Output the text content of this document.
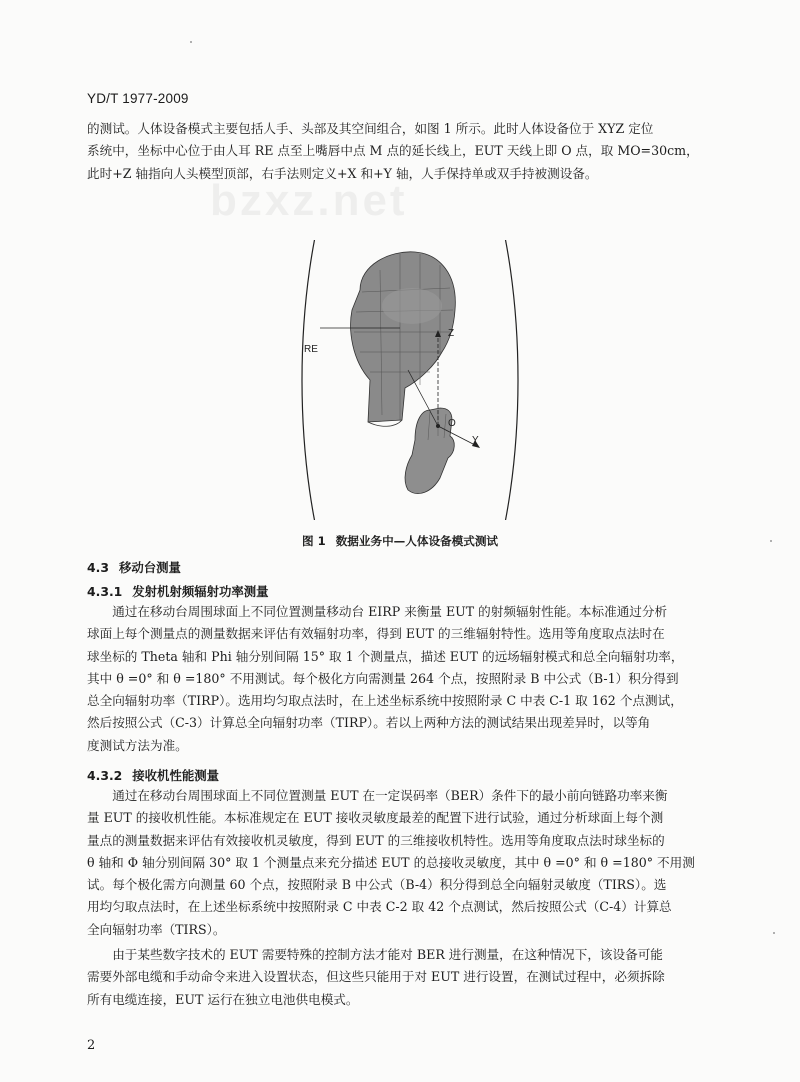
YD/T 1977-2009
bzxz.net
的测试。人体设备模式主要包括人手、头部及其空间组合，如图 1 所示。此时人体设备位于 XYZ 定位
系统中，坐标中心位于由人耳 RE 点至上嘴唇中点 M 点的延长线上，EUT 天线上即 O 点，取 MO=30cm，
此时+Z 轴指向人头模型顶部，右手法则定义+X 和+Y 轴，人手保持单或双手持被测设备。
RE
Z
O
Y
图 1 数据业务中—人体设备模式测试
4.3 移动台测量
4.3.1 发射机射频辐射功率测量
　　通过在移动台周围球面上不同位置测量移动台 EIRP 来衡量 EUT 的射频辐射性能。本标准通过分析
球面上每个测量点的测量数据来评估有效辐射功率，得到 EUT 的三维辐射特性。选用等角度取点法时在
球坐标的 Theta 轴和 Phi 轴分别间隔 15° 取 1 个测量点，描述 EUT 的远场辐射模式和总全向辐射功率，
其中 θ =0° 和 θ =180° 不用测试。每个极化方向需测量 264 个点，按照附录 B 中公式（B-1）积分得到
总全向辐射功率（TIRP）。选用均匀取点法时，在上述坐标系统中按照附录 C 中表 C-1 取 162 个点测试，
然后按照公式（C-3）计算总全向辐射功率（TIRP）。若以上两种方法的测试结果出现差异时，以等角
度测试方法为准。
4.3.2 接收机性能测量
　　通过在移动台周围球面上不同位置测量 EUT 在一定误码率（BER）条件下的最小前向链路功率来衡
量 EUT 的接收机性能。本标准规定在 EUT 接收灵敏度最差的配置下进行试验，通过分析球面上每个测
量点的测量数据来评估有效接收机灵敏度，得到 EUT 的三维接收机特性。选用等角度取点法时球坐标的
θ 轴和 Φ 轴分别间隔 30° 取 1 个测量点来充分描述 EUT 的总接收灵敏度，其中 θ =0° 和 θ =180° 不用测
试。每个极化需方向测量 60 个点，按照附录 B 中公式（B-4）积分得到总全向辐射灵敏度（TIRS）。选
用均匀取点法时，在上述坐标系统中按照附录 C 中表 C-2 取 42 个点测试，然后按照公式（C-4）计算总
全向辐射功率（TIRS）。
　　由于某些数字技术的 EUT 需要特殊的控制方法才能对 BER 进行测量，在这种情况下，该设备可能
需要外部电缆和手动命令来进入设置状态，但这些只能用于对 EUT 进行设置，在测试过程中，必须拆除
所有电缆连接，EUT 运行在独立电池供电模式。
2
